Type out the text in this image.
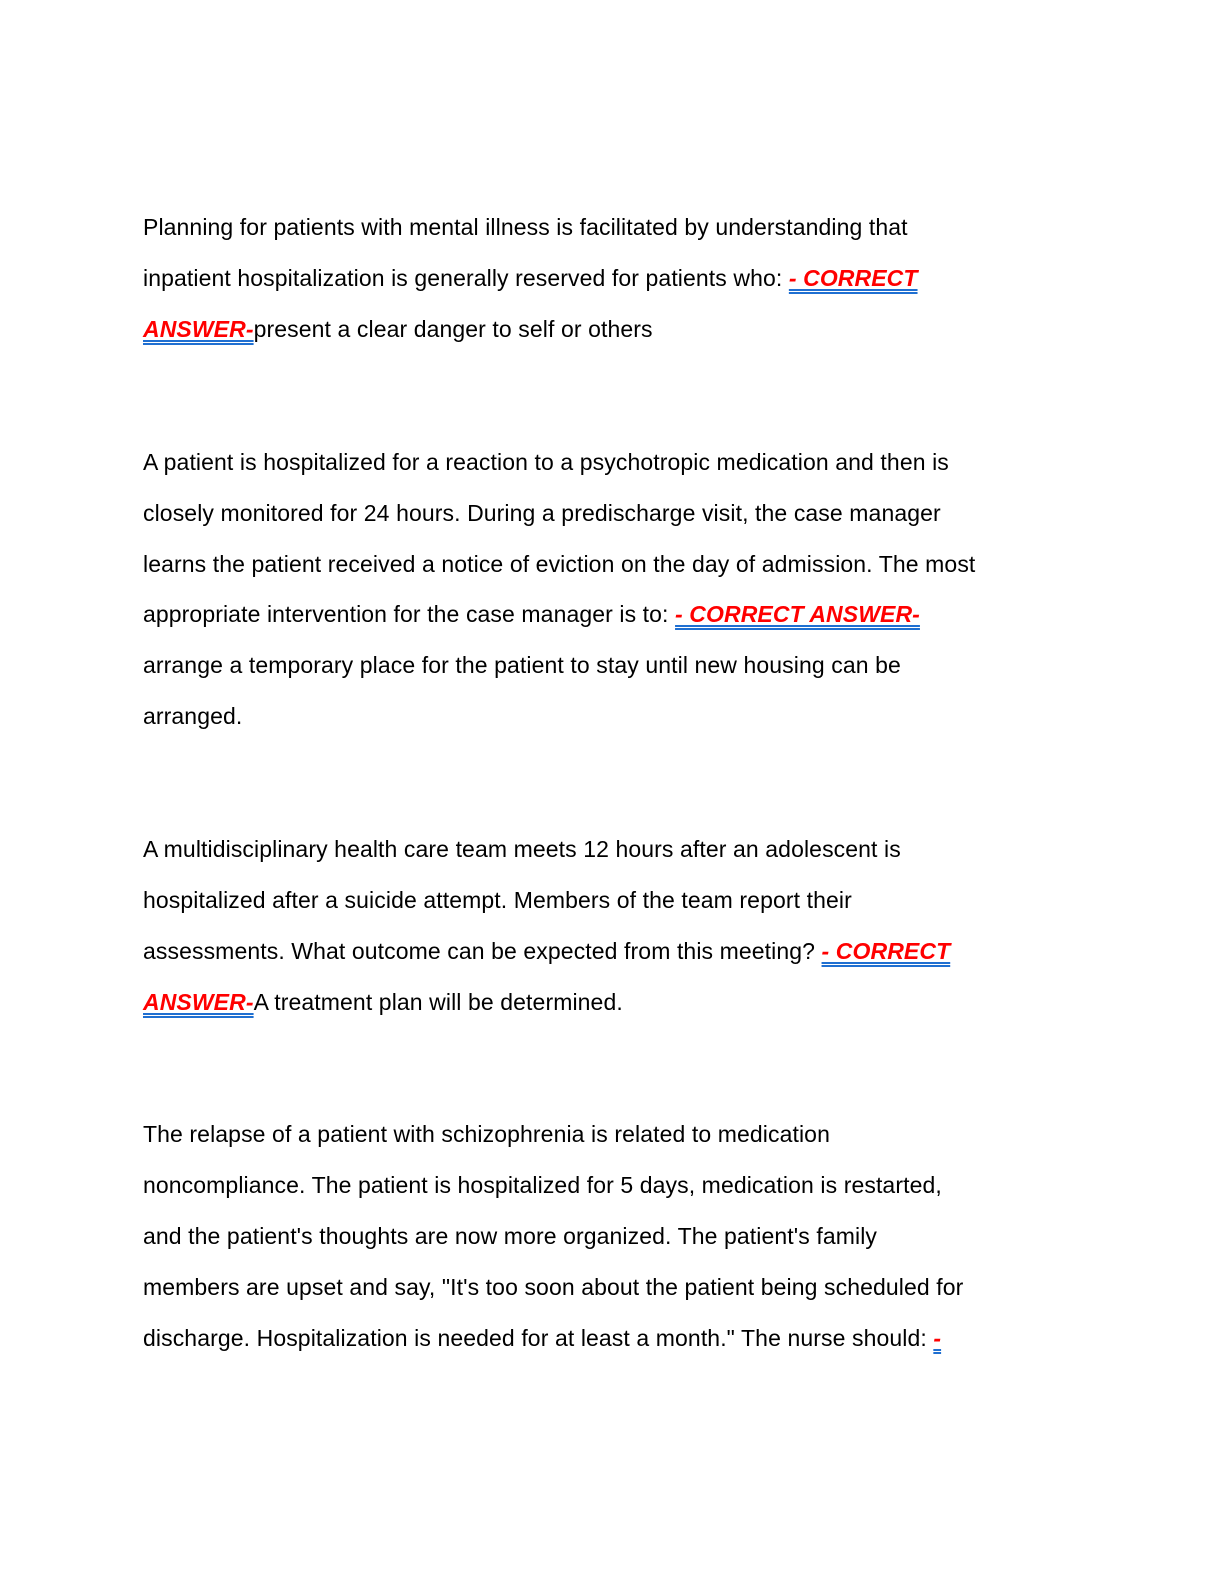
Planning for patients with mental illness is facilitated by understanding that
inpatient hospitalization is generally reserved for patients who: - CORRECT
ANSWER-present a clear danger to self or others
A patient is hospitalized for a reaction to a psychotropic medication and then is
closely monitored for 24 hours. During a predischarge visit, the case manager
learns the patient received a notice of eviction on the day of admission. The most
appropriate intervention for the case manager is to: - CORRECT ANSWER-
arrange a temporary place for the patient to stay until new housing can be
arranged.
A multidisciplinary health care team meets 12 hours after an adolescent is
hospitalized after a suicide attempt. Members of the team report their
assessments. What outcome can be expected from this meeting? - CORRECT
ANSWER-A treatment plan will be determined.
The relapse of a patient with schizophrenia is related to medication
noncompliance. The patient is hospitalized for 5 days, medication is restarted,
and the patient's thoughts are now more organized. The patient's family
members are upset and say, "It's too soon about the patient being scheduled for
discharge. Hospitalization is needed for at least a month." The nurse should: -
